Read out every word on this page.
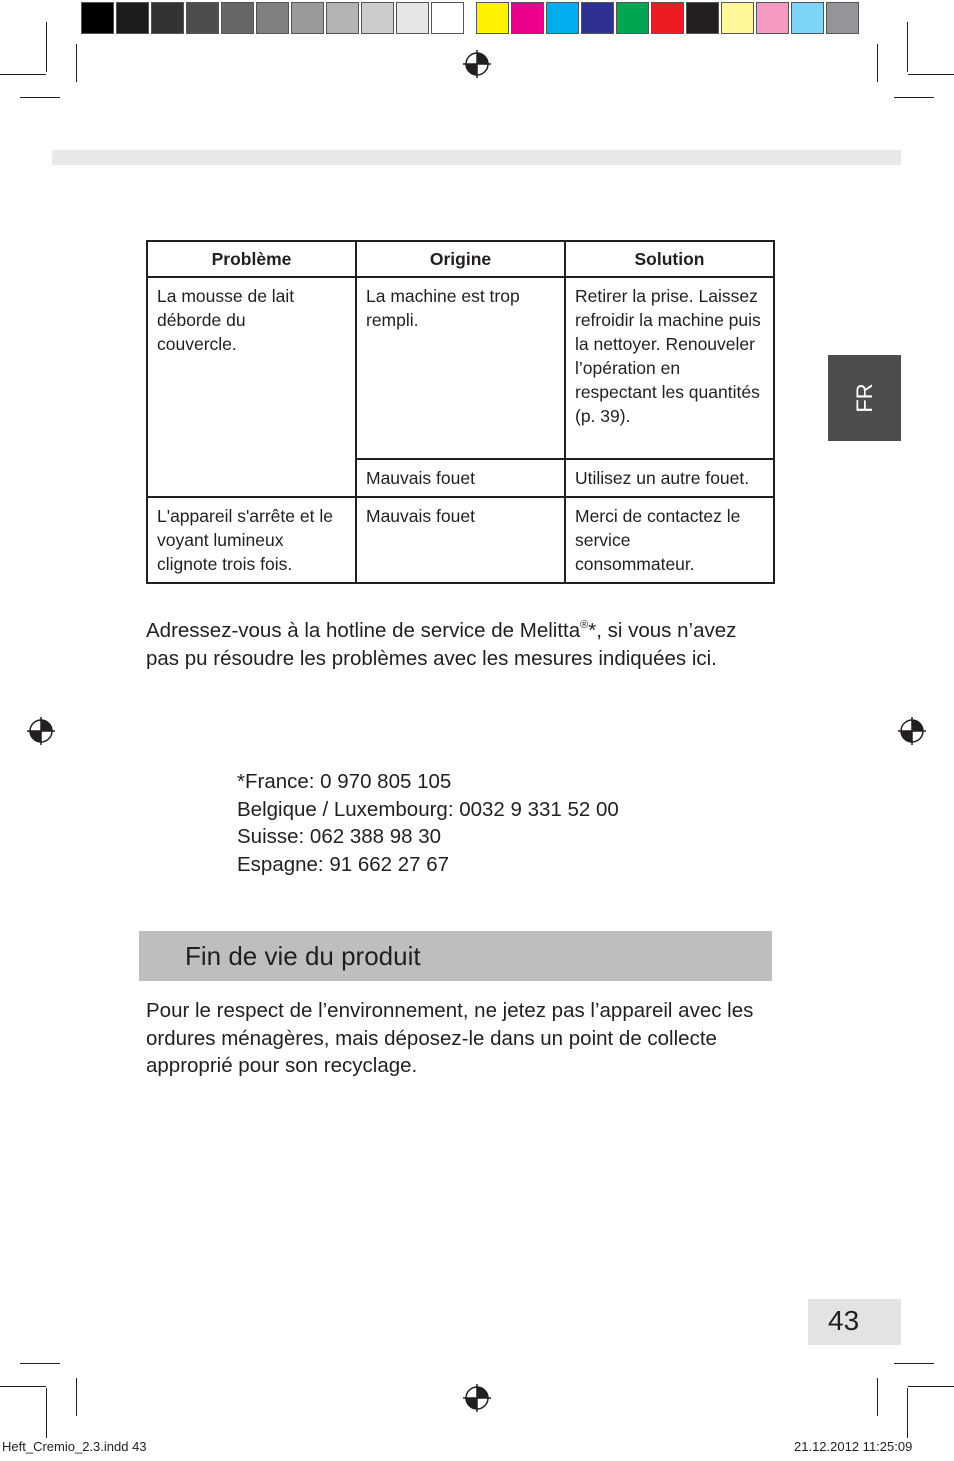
FR
Problème	Origine	Solution
La mousse de lait déborde du couvercle.	La machine est trop rempli.	Retirer la prise. Laissez refroidir la machine puis la nettoyer. Renouveler l’opération en respectant les quantités (p. 39).
	Mauvais fouet	Utilisez un autre fouet.
L'appareil s'arrête et le voyant lumineux clignote trois fois.	Mauvais fouet	Merci de contactez le service consommateur.
Adressez-vous à la hotline de service de Melitta®*, si vous n’avez pas pu résoudre les problèmes avec les mesures indiquées ici.
*France: 0 970 805 105
Belgique / Luxembourg: 0032 9 331 52 00
Suisse: 062 388 98 30
Espagne: 91 662 27 67
Fin de vie du produit
Pour le respect de l’environnement, ne jetez pas l’appareil avec les ordures ménagères, mais déposez-le dans un point de collecte approprié pour son recyclage.
43
Heft_Cremio_2.3.indd 43	21.12.2012 11:25:09
